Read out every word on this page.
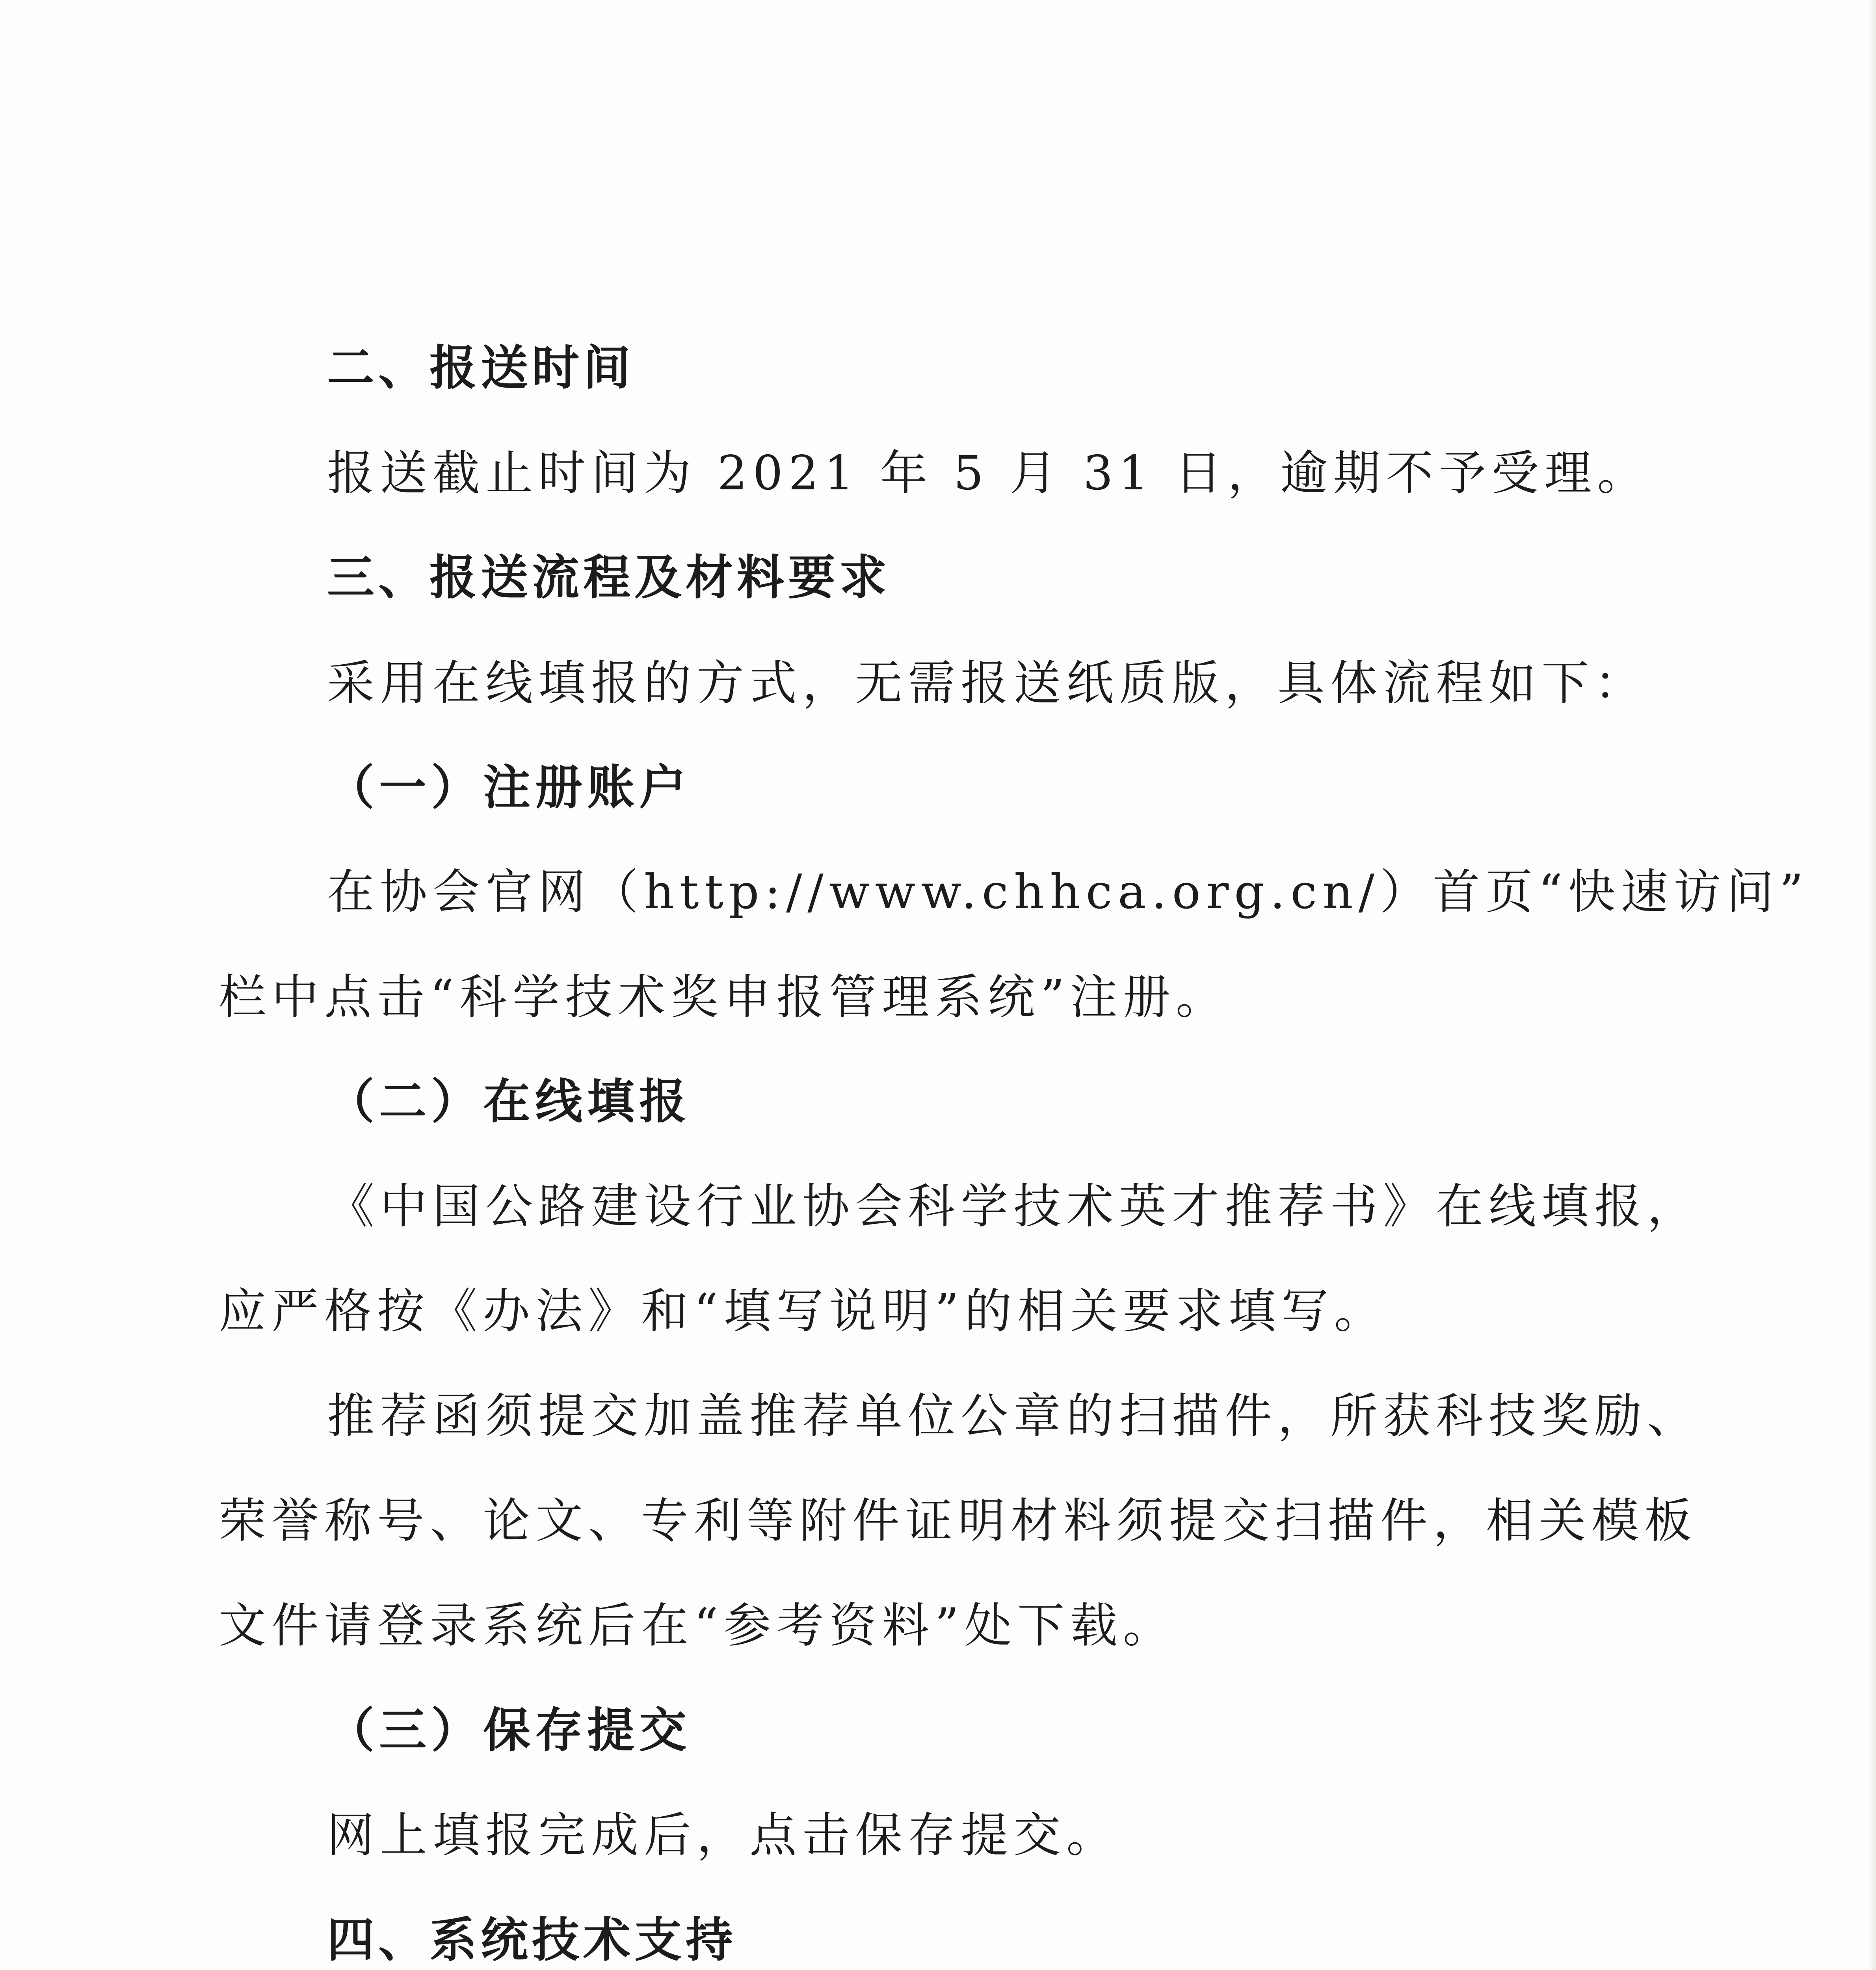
二、报送时间

报送截止时间为 2021 年 5 月 31 日，逾期不予受理。

三、报送流程及材料要求

采用在线填报的方式，无需报送纸质版，具体流程如下：

（一）注册账户

在协会官网（http://www.chhca.org.cn/）首页“快速访问”

栏中点击“科学技术奖申报管理系统”注册。

（二）在线填报

《中国公路建设行业协会科学技术英才推荐书》在线填报，

应严格按《办法》和“填写说明”的相关要求填写。

推荐函须提交加盖推荐单位公章的扫描件，所获科技奖励、

荣誉称号、论文、专利等附件证明材料须提交扫描件，相关模板

文件请登录系统后在“参考资料”处下载。

（三）保存提交

网上填报完成后，点击保存提交。

四、系统技术支持
